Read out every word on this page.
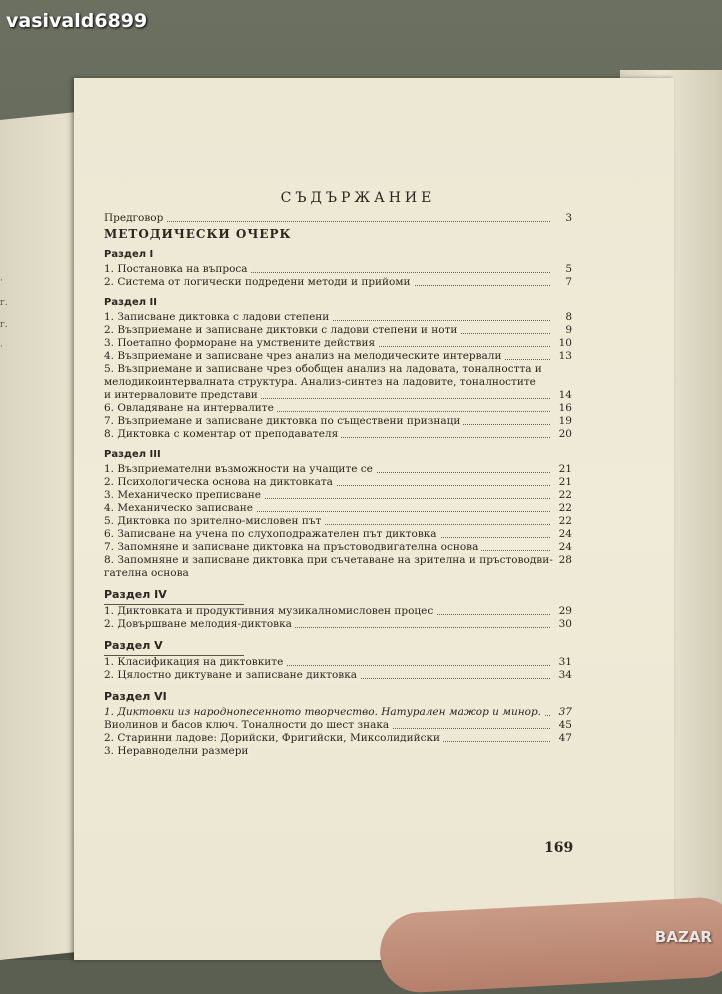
·
г.
г.
·
СЪДЪРЖАНИЕ
Предговор	3
МЕТОДИЧЕСКИ ОЧЕРК
Раздел I
1. Постановка на въпроса	5
2. Система от логически подредени методи и прийоми	7
Раздел II
1. Записване диктовка с ладови степени	8
2. Възприемане и записване диктовки с ладови степени и ноти	9
3. Поетапно формоpане на умствените действия	10
4. Възприемане и записване чрез анализ на мелодическите интервали	13
5. Възприемане и записване чрез обобщен анализ на ладовата, тоналността и
мелодикоинтервалната структура. Анализ-синтез на ладовите, тоналностите
и интерваловите представи	14
6. Овладяване на интервалите	16
7. Възприемане и записване диктовка по съществени признаци	19
8. Диктовка с коментар от преподавателя	20
Раздел III
1. Възприемателни възможности на учащите се	21
2. Психологическа основа на диктовката	21
3. Механическо преписване	22
4. Механическо записване	22
5. Диктовка по зрително-мисловен път	22
6. Записване на учена по слухоподражателен път диктовка	24
7. Запомняне и записване диктовка на пръстоводвигателна основа	24
8. Запомняне и записване диктовка при съчетаване на зрителна и пръстоводви- 28
гателна основа
Раздел IV
1. Диктовката и продуктивния музикалномисловен процес	29
2. Довършване мелодия-диктовка	30
Раздел V
1. Класификация на диктовките	31
2. Цялостно диктуване и записване диктовка	34
Раздел VI
1. Диктовки из народнопесенното творчество. Натурален мажор и минор.	37
Виолинов и басов ключ. Тоналности до шест знака	45
2. Старинни ладове: Дорийски, Фригийски, Миксолидийски	47
3. Неравноделни размери
169
vasivald6899
BAZAR
